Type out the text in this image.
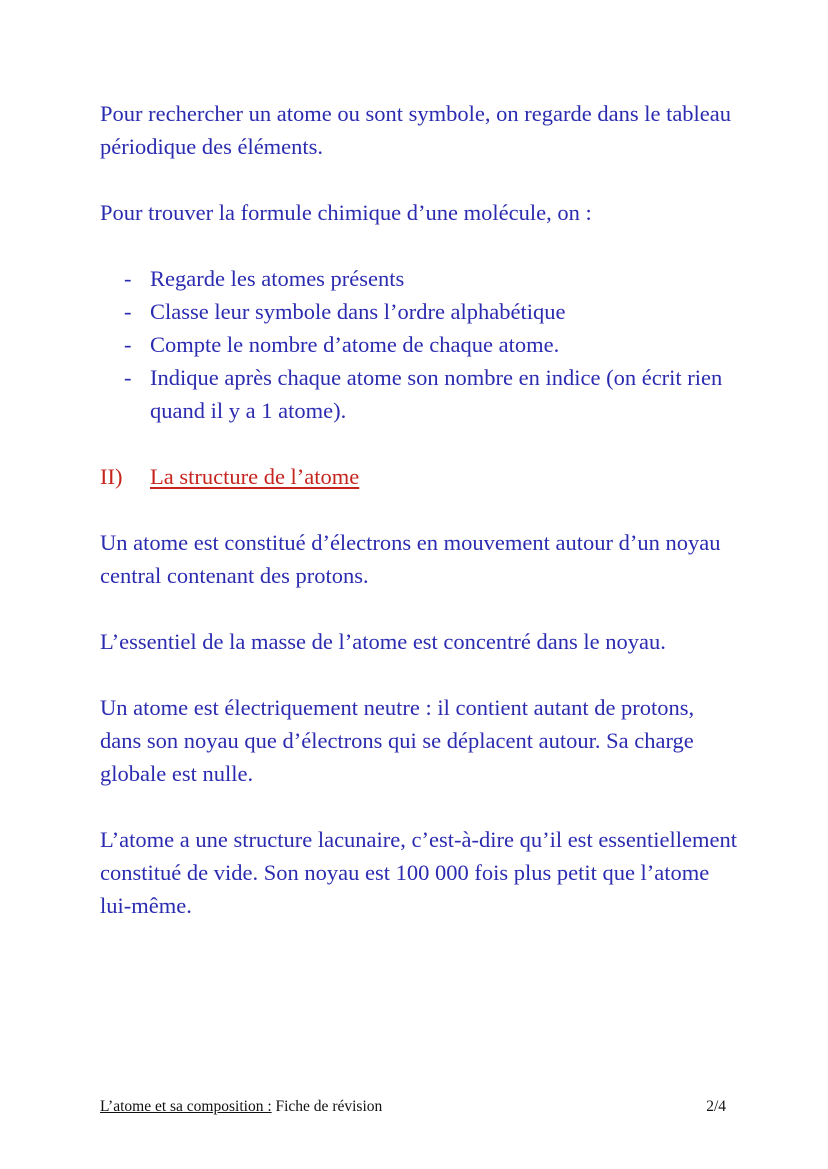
Pour rechercher un atome ou sont symbole, on regarde dans le tableau périodique des éléments.

Pour trouver la formule chimique d’une molécule, on :

- Regarde les atomes présents
- Classe leur symbole dans l’ordre alphabétique
- Compte le nombre d’atome de chaque atome.
- Indique après chaque atome son nombre en indice (on écrit rien quand il y a 1 atome).

II) La structure de l’atome

Un atome est constitué d’électrons en mouvement autour d’un noyau central contenant des protons.

L’essentiel de la masse de l’atome est concentré dans le noyau.

Un atome est électriquement neutre : il contient autant de protons, dans son noyau que d’électrons qui se déplacent autour. Sa charge globale est nulle.

L’atome a une structure lacunaire, c’est-à-dire qu’il est essentiellement constitué de vide. Son noyau est 100 000 fois plus petit que l’atome lui-même.

L’atome et sa composition : Fiche de révision	2/4
